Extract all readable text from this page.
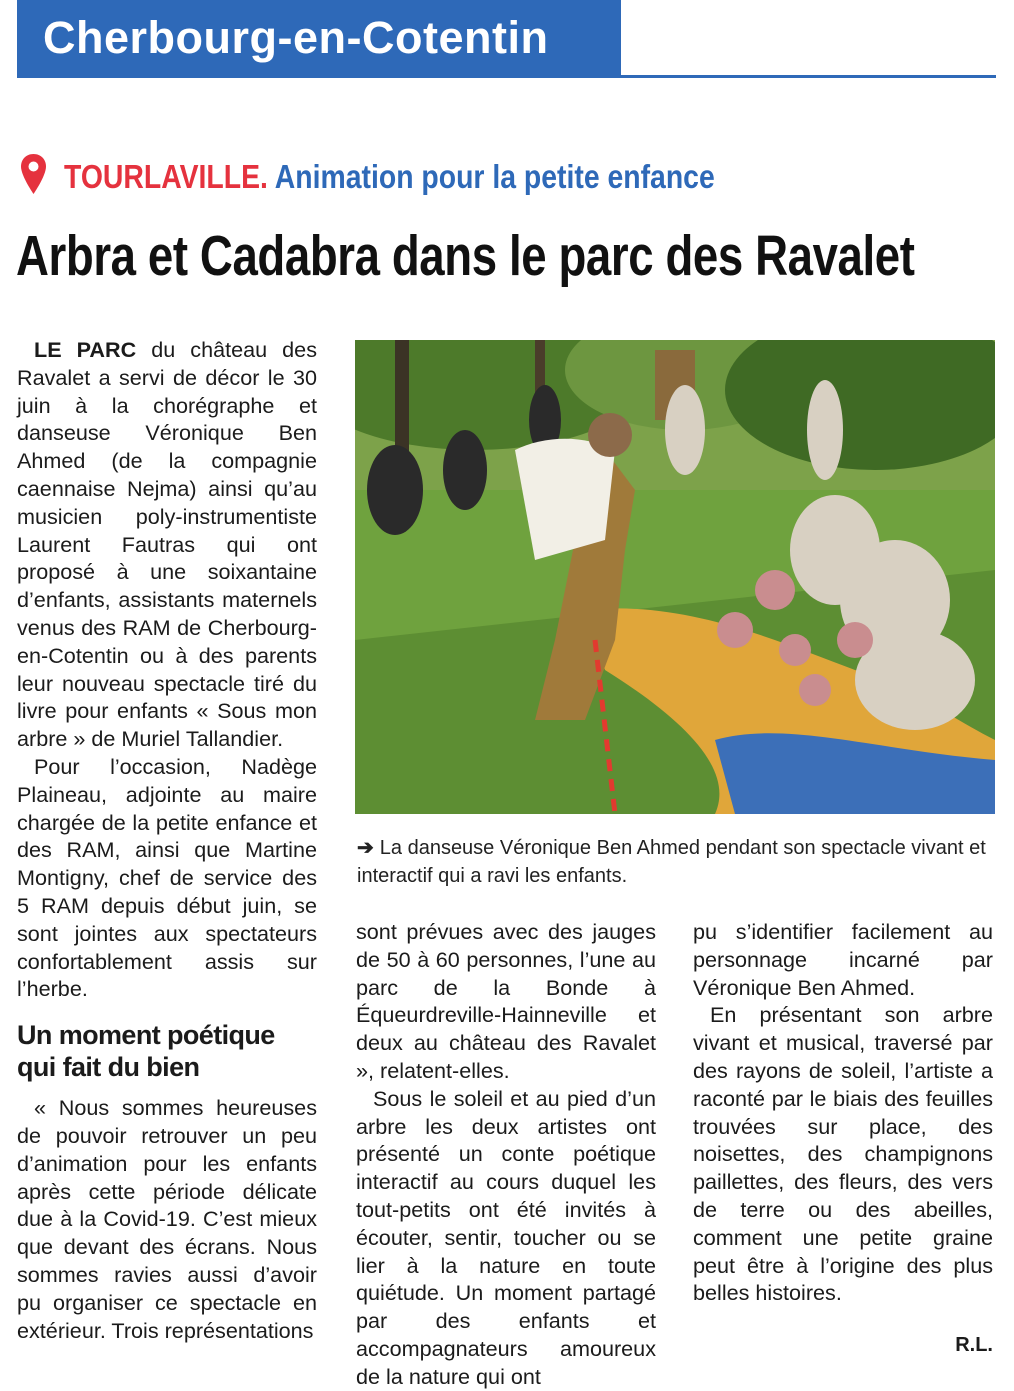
Cherbourg-en-Cotentin
TOURLAVILLE. Animation pour la petite enfance
Arbra et Cadabra dans le parc des Ravalet

LE PARC du château des Ravalet a servi de décor le 30 juin à la chorégraphe et danseuse Véronique Ben Ahmed (de la compagnie caennaise Nejma) ainsi qu’au musicien poly-instrumentiste Laurent Fautras qui ont proposé à une soixantaine d’enfants, assistants maternels venus des RAM de Cherbourg-en-Cotentin ou à des parents leur nouveau spectacle tiré du livre pour enfants « Sous mon arbre » de Muriel Tallandier.

Pour l’occasion, Nadège Plaineau, adjointe au maire chargée de la petite enfance et des RAM, ainsi que Martine Montigny, chef de service des 5 RAM depuis début juin, se sont jointes aux spectateurs confortablement assis sur l’herbe.

Un moment poétique qui fait du bien

« Nous sommes heureuses de pouvoir retrouver un peu d’animation pour les enfants après cette période délicate due à la Covid-19. C’est mieux que devant des écrans. Nous sommes ravies aussi d’avoir pu organiser ce spectacle en extérieur. Trois représentations

➔ La danseuse Véronique Ben Ahmed pendant son spectacle vivant et interactif qui a ravi les enfants.

sont prévues avec des jauges de 50 à 60 personnes, l’une au parc de la Bonde à Équeurdreville-Hainneville et deux au château des Ravalet », relatent-elles.

Sous le soleil et au pied d’un arbre les deux artistes ont présenté un conte poétique interactif au cours duquel les tout-petits ont été invités à écouter, sentir, toucher ou se lier à la nature en toute quiétude. Un moment partagé par des enfants et accompagnateurs amoureux de la nature qui ont

pu s’identifier facilement au personnage incarné par Véronique Ben Ahmed.

En présentant son arbre vivant et musical, traversé par des rayons de soleil, l’artiste a raconté par le biais des feuilles trouvées sur place, des noisettes, des champignons paillettes, des fleurs, des vers de terre ou des abeilles, comment une petite graine peut être à l’origine des plus belles histoires.

R.L.
